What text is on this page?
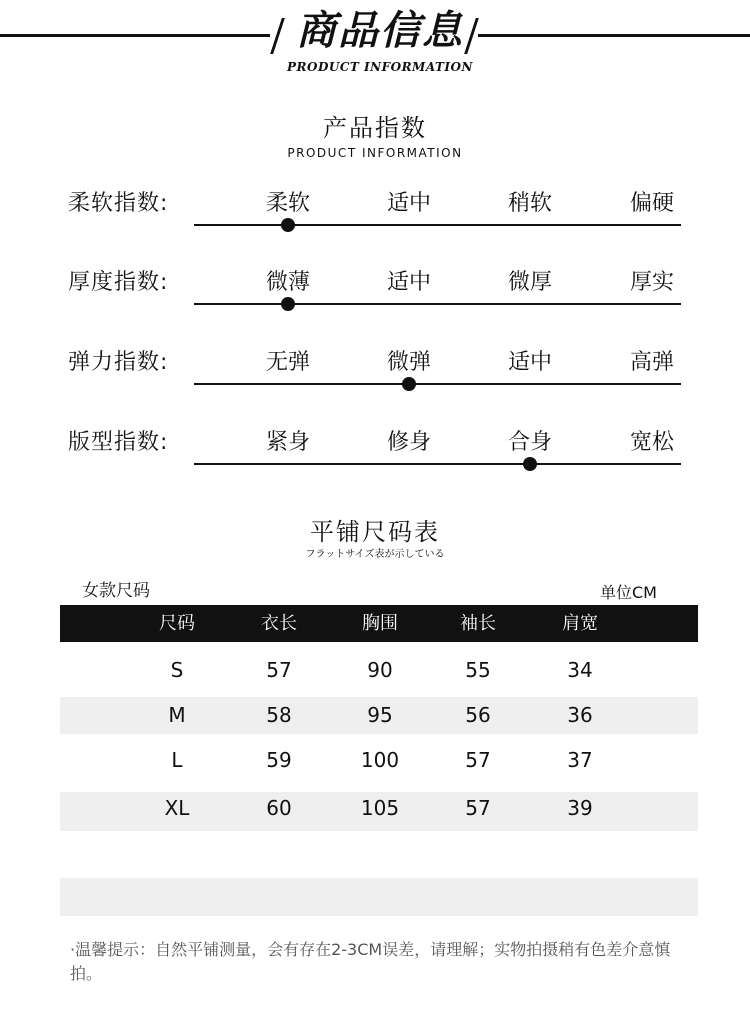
商品信息
PRODUCT INFORMATION
产品指数
PRODUCT INFORMATION
柔软指数:	柔软	适中	稍软	偏硬
厚度指数:	微薄	适中	微厚	厚实
弹力指数:	无弹	微弹	适中	高弹
版型指数:	紧身	修身	合身	宽松
平铺尺码表
フラットサイズ表が示している
女款尺码	单位CM
尺码	衣长	胸围	袖长	肩宽
S	57	90	55	34
M	58	95	56	36
L	59	100	57	37
XL	60	105	57	39
·温馨提示：自然平铺测量，会有存在2-3CM误差，请理解；实物拍摄稍有色差介意慎拍。
